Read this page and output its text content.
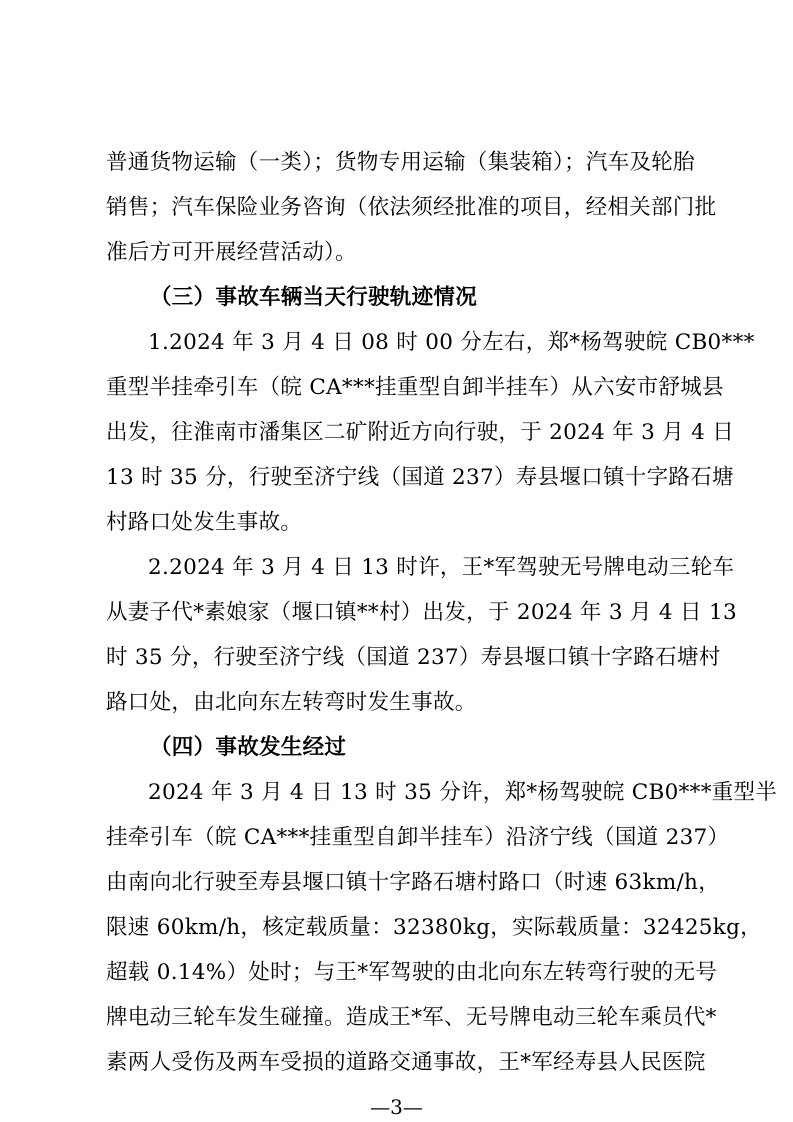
普通货物运输（一类）；货物专用运输（集装箱）；汽车及轮胎
销售；汽车保险业务咨询（依法须经批准的项目，经相关部门批
准后方可开展经营活动）。
（三）事故车辆当天行驶轨迹情况
1.2024 年 3 月 4 日 08 时 00 分左右，郑*杨驾驶皖 CB0***
重型半挂牵引车（皖 CA***挂重型自卸半挂车）从六安市舒城县
出发，往淮南市潘集区二矿附近方向行驶，于 2024 年 3 月 4 日
13 时 35 分，行驶至济宁线（国道 237）寿县堰口镇十字路石塘
村路口处发生事故。
2.2024 年 3 月 4 日 13 时许，王*军驾驶无号牌电动三轮车
从妻子代*素娘家（堰口镇**村）出发，于 2024 年 3 月 4 日 13
时 35 分，行驶至济宁线（国道 237）寿县堰口镇十字路石塘村
路口处，由北向东左转弯时发生事故。
（四）事故发生经过
2024 年 3 月 4 日 13 时 35 分许，郑*杨驾驶皖 CB0***重型半
挂牵引车（皖 CA***挂重型自卸半挂车）沿济宁线（国道 237）
由南向北行驶至寿县堰口镇十字路石塘村路口（时速 63km/h，
限速 60km/h，核定载质量：32380kg，实际载质量：32425kg，
超载 0.14%）处时；与王*军驾驶的由北向东左转弯行驶的无号
牌电动三轮车发生碰撞。造成王*军、无号牌电动三轮车乘员代*
素两人受伤及两车受损的道路交通事故，王*军经寿县人民医院
—3—
